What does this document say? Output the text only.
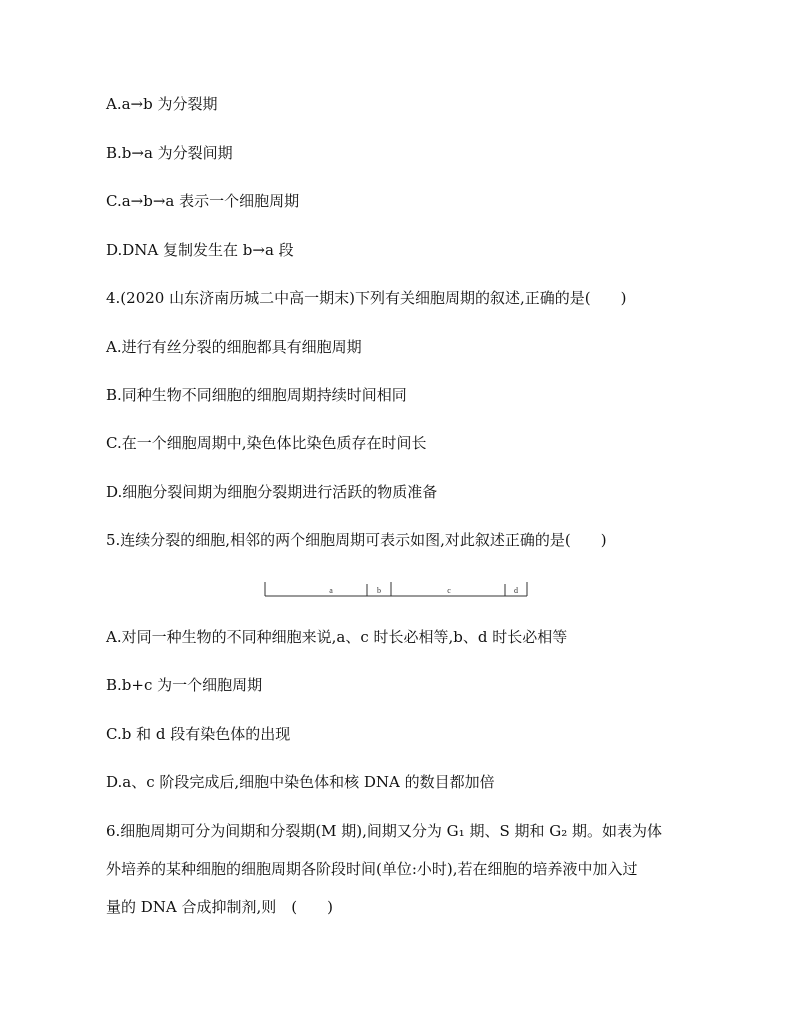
A.a→b 为分裂期
B.b→a 为分裂间期
C.a→b→a 表示一个细胞周期
D.DNA 复制发生在 b→a 段
4.(2020 山东济南历城二中高一期末)下列有关细胞周期的叙述,正确的是(　　)
A.进行有丝分裂的细胞都具有细胞周期
B.同种生物不同细胞的细胞周期持续时间相同
C.在一个细胞周期中,染色体比染色质存在时间长
D.细胞分裂间期为细胞分裂期进行活跃的物质准备
5.连续分裂的细胞,相邻的两个细胞周期可表示如图,对此叙述正确的是(　　)
a	b	c	d
A.对同一种生物的不同种细胞来说,a、c 时长必相等,b、d 时长必相等
B.b+c 为一个细胞周期
C.b 和 d 段有染色体的出现
D.a、c 阶段完成后,细胞中染色体和核 DNA 的数目都加倍
6.细胞周期可分为间期和分裂期(M 期),间期又分为 G₁ 期、S 期和 G₂ 期。如表为体
外培养的某种细胞的细胞周期各阶段时间(单位:小时),若在细胞的培养液中加入过
量的 DNA 合成抑制剂,则　(　　)
